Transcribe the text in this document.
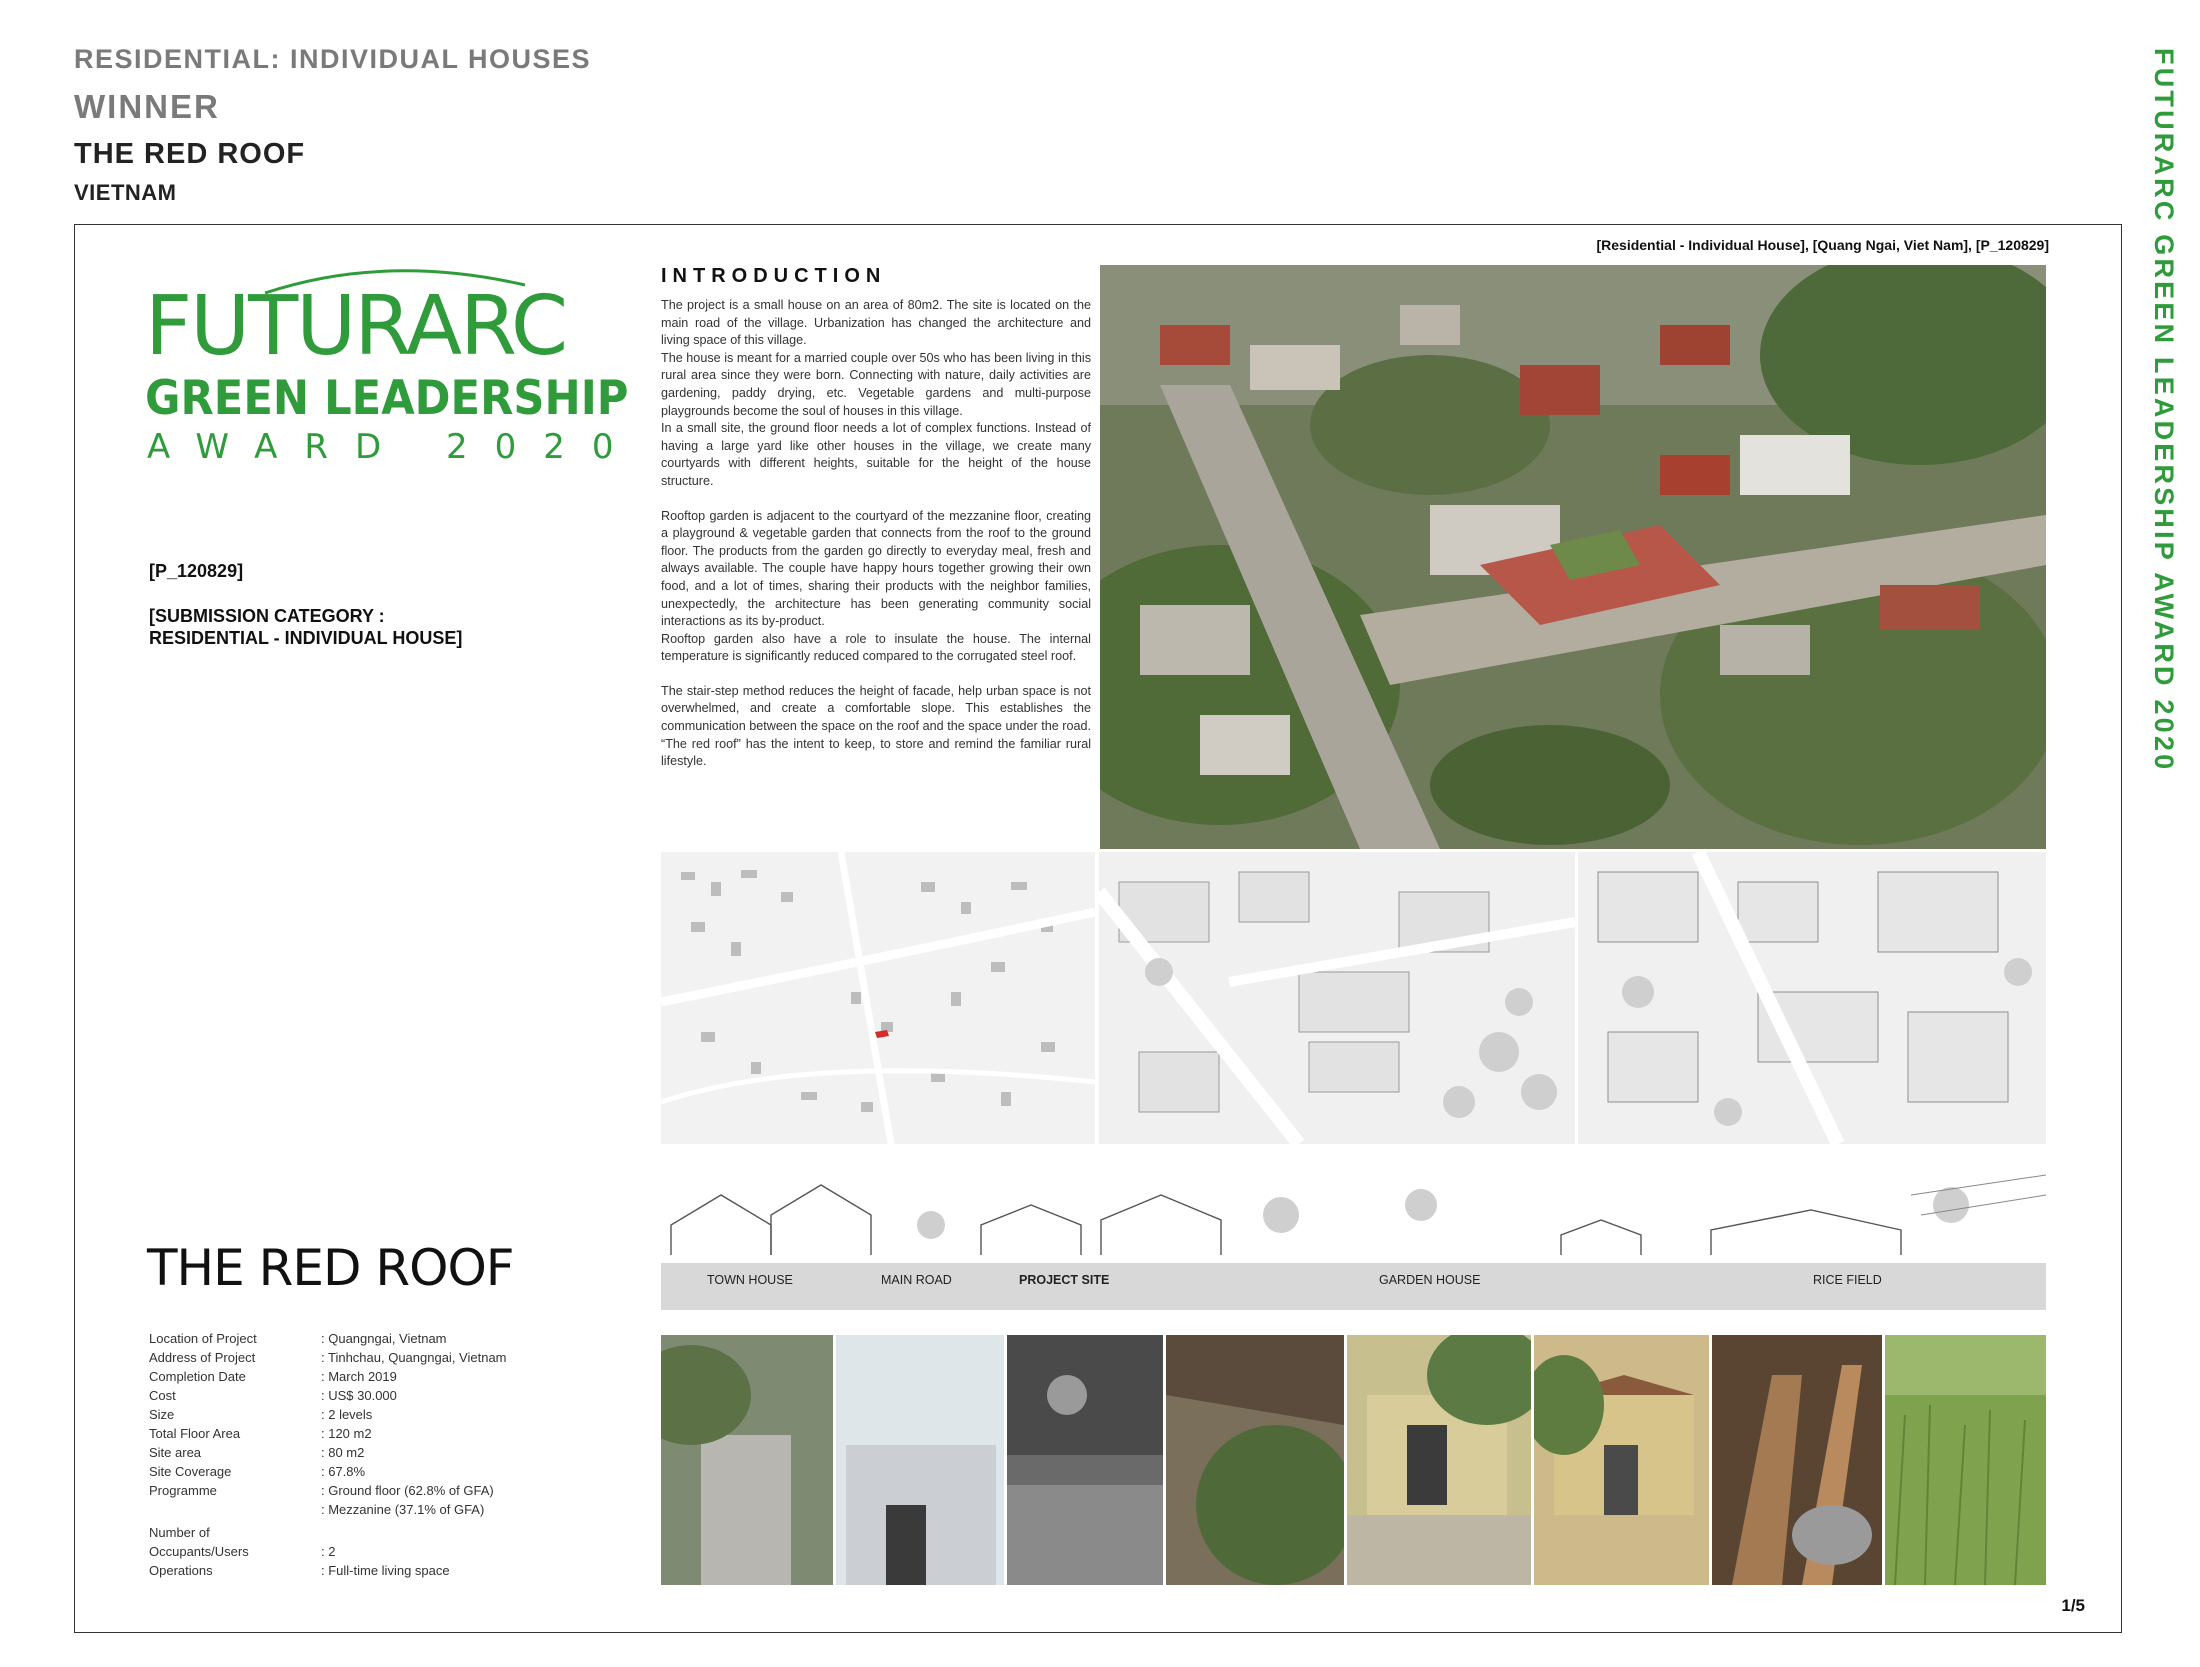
RESIDENTIAL: INDIVIDUAL HOUSES
WINNER
THE RED ROOF
VIETNAM	FUTURARC GREEN LEADERSHIP AWARD 2020
[Residential - Individual House], [Quang Ngai, Viet Nam], [P_120829]
FUTURARC
GREEN LEADERSHIP
AWARD 2020
[P_120829]
[SUBMISSION CATEGORY :
RESIDENTIAL - INDIVIDUAL HOUSE]
THE RED ROOF
Location of Project	: Quangngai, Vietnam
Address of Project	: Tinhchau, Quangngai, Vietnam
Completion Date	: March 2019
Cost	: US$ 30.000
Size	: 2 levels
Total Floor Area	: 120 m2
Site area	: 80 m2
Site Coverage	: 67.8%
Programme	: Ground floor (62.8% of GFA)
: Mezzanine (37.1% of GFA)
Number of
Occupants/Users	: 2
Operations	: Full-time living space
INTRODUCTION

The project is a small house on an area of 80m2. The site is located on the main road of the village. Urbanization has changed the architecture and living space of this village.

The house is meant for a married couple over 50s who has been living in this rural area since they were born. Connecting with nature, daily activities are gardening, paddy drying, etc. Vegetable gardens and multi-purpose playgrounds become the soul of houses in this village.

In a small site, the ground floor needs a lot of complex functions. Instead of having a large yard like other houses in the village, we create many courtyards with different heights, suitable for the height of the house structure.

Rooftop garden is adjacent to the courtyard of the mezzanine floor, creating a playground & vegetable garden that connects from the roof to the ground floor. The products from the garden go directly to everyday meal, fresh and always available. The couple have happy hours together growing their own food, and a lot of times, sharing their products with the neighbor families, unexpectedly, the architecture has been generating community social interactions as its by-product.

Rooftop garden also have a role to insulate the house. The internal temperature is significantly reduced compared to the corrugated steel roof.

The stair-step method reduces the height of facade, help urban space is not overwhelmed, and create a comfortable slope. This establishes the communication between the space on the roof and the space under the road. “The red roof” has the intent to keep, to store and remind the familiar rural lifestyle.

TOWN HOUSE	MAIN ROAD	PROJECT SITE	GARDEN HOUSE	RICE FIELD
1/5
